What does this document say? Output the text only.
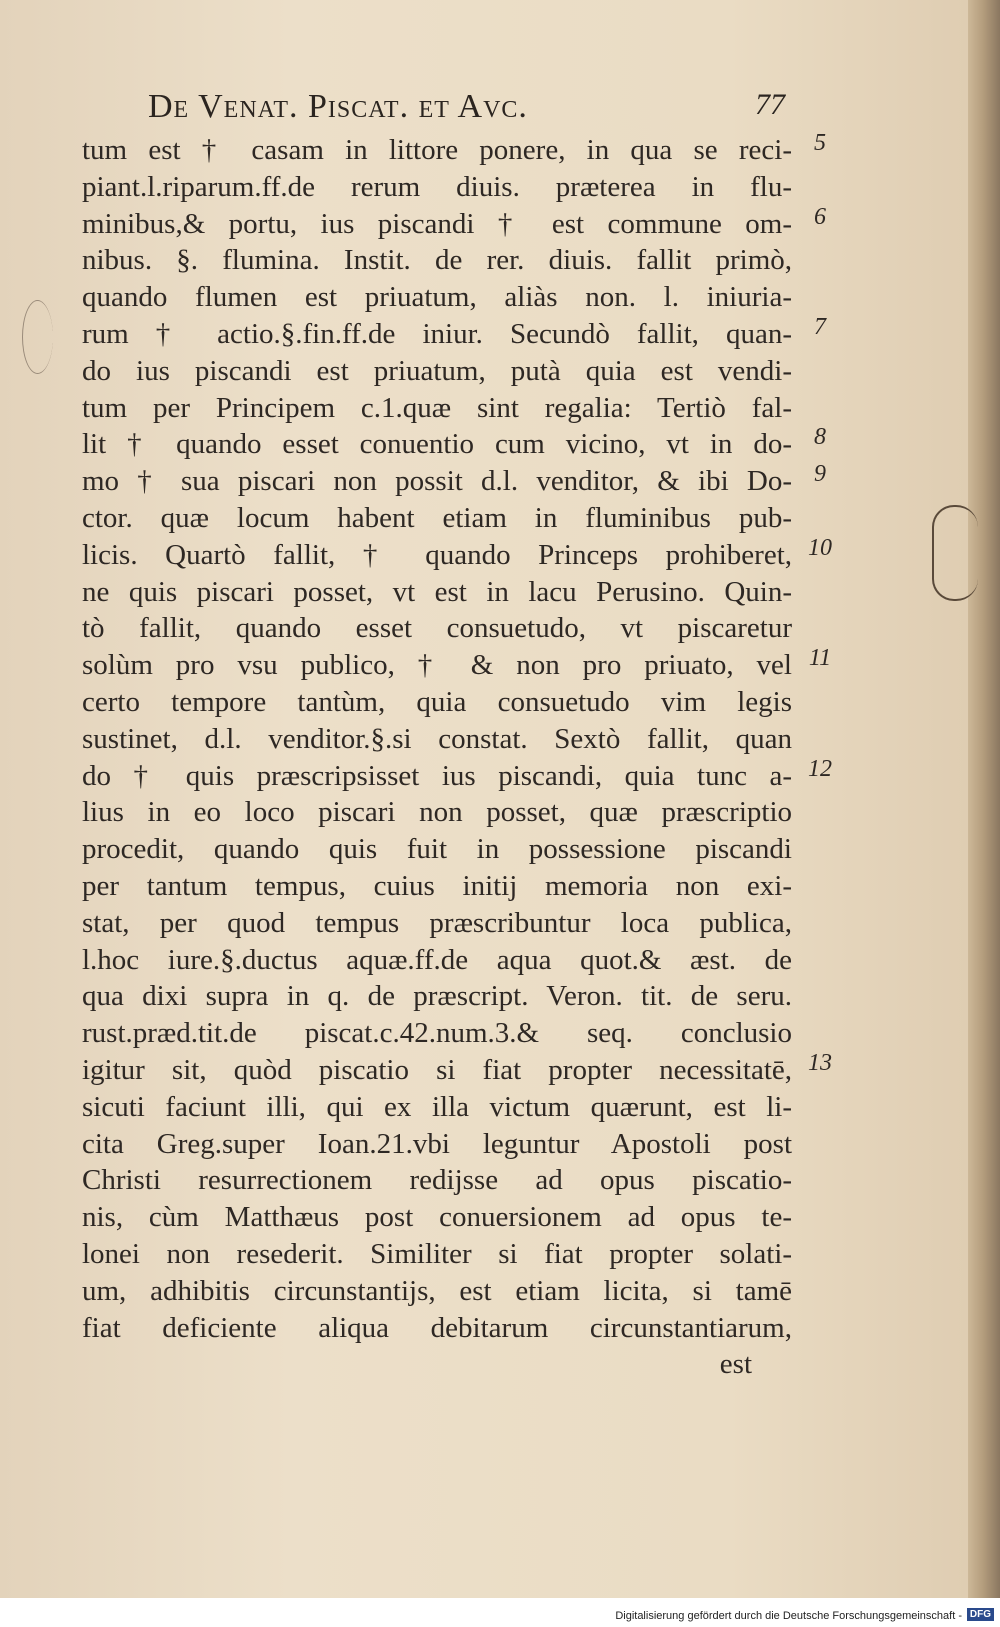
De Venat. Piscat. et Avc.	77
tum est † casam in littore ponere, in qua se reci-
piant.l.riparum.ff.de rerum diuis. præterea in flu-
minibus,& portu, ius piscandi † est commune om-
nibus. §. flumina. Instit. de rer. diuis. fallit primò,
quando flumen est priuatum, aliàs non. l. iniuria-
rum † actio.§.fin.ff.de iniur. Secundò fallit, quan-
do ius piscandi est priuatum, putà quia est vendi-
tum per Principem c.1.quæ sint regalia: Tertiò fal-
lit † quando esset conuentio cum vicino, vt in do-
mo † sua piscari non possit d.l. venditor, & ibi Do-
ctor. quæ locum habent etiam in fluminibus pub-
licis. Quartò fallit, † quando Princeps prohiberet,
ne quis piscari posset, vt est in lacu Perusino. Quin-
tò fallit, quando esset consuetudo, vt piscaretur
solùm pro vsu publico, † & non pro priuato, vel
certo tempore tantùm, quia consuetudo vim legis
sustinet, d.l. venditor.§.si constat. Sextò fallit, quan
do † quis præscripsisset ius piscandi, quia tunc a-
lius in eo loco piscari non posset, quæ præscriptio
procedit, quando quis fuit in possessione piscandi
per tantum tempus, cuius initij memoria non exi-
stat, per quod tempus præscribuntur loca publica,
l.hoc iure.§.ductus aquæ.ff.de aqua quot.& æst. de
qua dixi supra in q. de præscript. Veron. tit. de seru.
rust.præd.tit.de piscat.c.42.num.3.& seq. conclusio
igitur sit, quòd piscatio si fiat propter necessitatē,
sicuti faciunt illi, qui ex illa victum quærunt, est li-
cita Greg.super Ioan.21.vbi leguntur Apostoli post
Christi resurrectionem redijsse ad opus piscatio-
nis, cùm Matthæus post conuersionem ad opus te-
lonei non resederit. Similiter si fiat propter solati-
um, adhibitis circunstantijs, est etiam licita, si tamē
fiat deficiente aliqua debitarum circunstantiarum,
est
5
6
7
8
9
10
11
12
13
Digitalisierung gefördert durch die Deutsche Forschungsgemeinschaft - DFG
